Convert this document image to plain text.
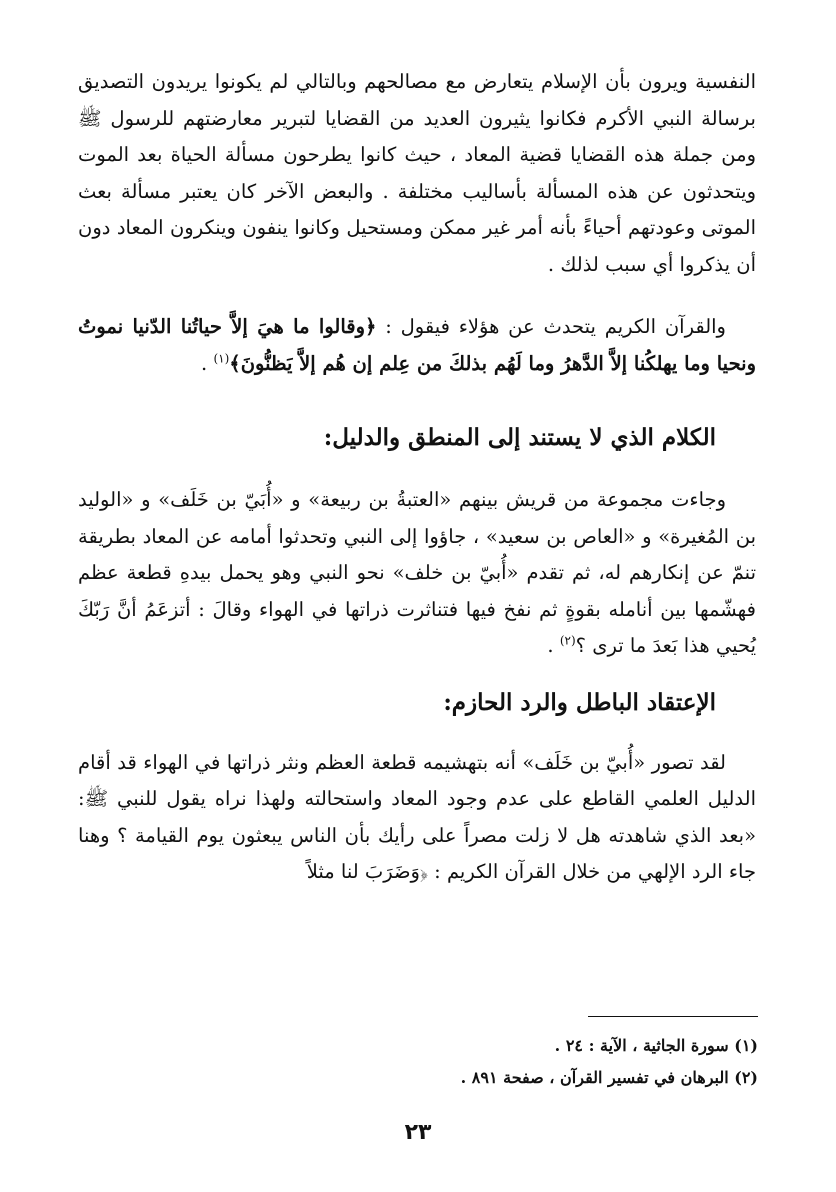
النفسية ويرون بأن الإسلام يتعارض مع مصالحهم وبالتالي لم يكونوا يريدون التصديق برسالة النبي الأكرم فكانوا يثيرون العديد من القضايا لتبرير معارضتهم للرسول ﷺ ومن جملة هذه القضايا قضية المعاد ، حيث كانوا يطرحون مسألة الحياة بعد الموت ويتحدثون عن هذه المسألة بأساليب مختلفة . والبعض الآخر كان يعتبر مسألة بعث الموتى وعودتهم أحياءً بأنه أمر غير ممكن ومستحيل وكانوا ينفون وينكرون المعاد دون أن يذكروا أي سبب لذلك .

والقرآن الكريم يتحدث عن هؤلاء فيقول : ﴿وقالوا ما هيَ إلاَّ حياتُنا الدّنيا نموتُ ونحيا وما يهلكُنا إلاَّ الدَّهرُ وما لَهُم بذلكَ من عِلم إن هُم إلاَّ يَظنُّونَ﴾$^{(١)}$ .

الكلام الذي لا يستند إلى المنطق والدليل:

وجاءت مجموعة من قريش بينهم «العتبةُ بن ربيعة» و «أُبَيّ بن خَلَف» و «الوليد بن المُغيرة» و «العاص بن سعيد» ، جاؤوا إلى النبي وتحدثوا أمامه عن المعاد بطريقة تنمّ عن إنكارهم له، ثم تقدم «أُبيّ بن خلف» نحو النبي وهو يحمل بيدهِ قطعة عظم فهشّمها بين أنامله بقوةٍ ثم نفخ فيها فتناثرت ذراتها في الهواء وقالَ : أتزعَمُ أنَّ رَبّكَ يُحيي هذا بَعدَ ما ترى ؟$^{(٢)}$ .

الإعتقاد الباطل والرد الحازم:

لقد تصور «أُبيّ بن خَلَف» أنه بتهشيمه قطعة العظم ونثر ذراتها في الهواء قد أقام الدليل العلمي القاطع على عدم وجود المعاد واستحالته ولهذا نراه يقول للنبي ﷺ: «بعد الذي شاهدته هل لا زلت مصراً على رأيك بأن الناس يبعثون يوم القيامة ؟ وهنا جاء الرد الإلهي من خلال القرآن الكريم : ﴿وَضَرَبَ لنا مثلاً

(١) سورة الجاثية ، الآية : ٢٤ .

(٢) البرهان في تفسير القرآن ، صفحة ٨٩١ .

٢٣
